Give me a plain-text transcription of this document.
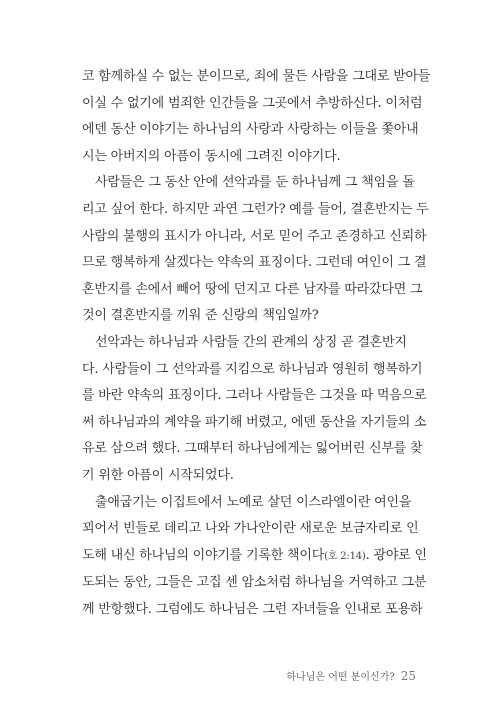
코 함께하실 수 없는 분이므로, 죄에 물든 사람을 그대로 받아들

이실 수 없기에 범죄한 인간들을 그곳에서 추방하신다. 이처럼

에덴 동산 이야기는 하나님의 사랑과 사랑하는 이들을 쫓아내

시는 아버지의 아픔이 동시에 그려진 이야기다.

사람들은 그 동산 안에 선악과를 둔 하나님께 그 책임을 돌

리고 싶어 한다. 하지만 과연 그런가? 예를 들어, 결혼반지는 두

사람의 불행의 표시가 아니라, 서로 믿어 주고 존경하고 신뢰하

므로 행복하게 살겠다는 약속의 표징이다. 그런데 여인이 그 결

혼반지를 손에서 빼어 땅에 던지고 다른 남자를 따라갔다면 그

것이 결혼반지를 끼워 준 신랑의 책임일까?

선악과는 하나님과 사람들 간의 관계의 상징 곧 결혼반지

다. 사람들이 그 선악과를 지킴으로 하나님과 영원히 행복하기

를 바란 약속의 표징이다. 그러나 사람들은 그것을 따 먹음으로

써 하나님과의 계약을 파기해 버렸고, 에덴 동산을 자기들의 소

유로 삼으려 했다. 그때부터 하나님에게는 잃어버린 신부를 찾

기 위한 아픔이 시작되었다.

출애굽기는 이집트에서 노예로 살던 이스라엘이란 여인을

꾀어서 빈들로 데리고 나와 가나안이란 새로운 보금자리로 인

도해 내신 하나님의 이야기를 기록한 책이다(호 2:14). 광야로 인

도되는 동안, 그들은 고집 센 암소처럼 하나님을 거역하고 그분

께 반항했다. 그럼에도 하나님은 그런 자녀들을 인내로 포용하

하나님은 어떤 분이신가? 25
